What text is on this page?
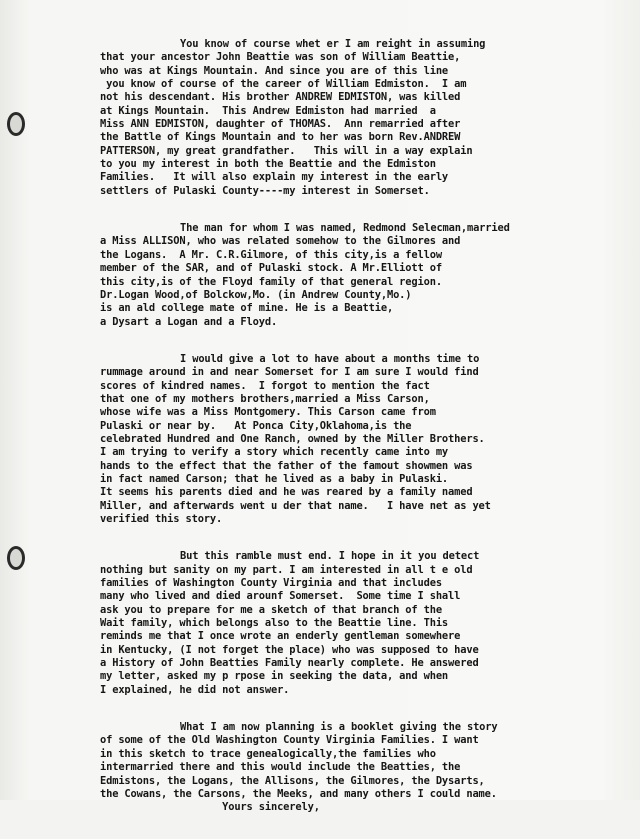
You know of course whet er I am reight in assuming
that your ancestor John Beattie was son of William Beattie,
who was at Kings Mountain. And since you are of this line
you know of course of the career of William Edmiston.  I am
not his descendant. His brother ANDREW EDMISTON, was killed
at Kings Mountain.  This Andrew Edmiston had married  a
Miss ANN EDMISTON, daughter of THOMAS.  Ann remarried after
the Battle of Kings Mountain and to her was born Rev.ANDREW
PATTERSON, my great grandfather.   This will in a way explain
to you my interest in both the Beattie and the Edmiston
Families.   It will also explain my interest in the early
settlers of Pulaski County----my interest in Somerset.
The man for whom I was named, Redmond Selecman,married
a Miss ALLISON, who was related somehow to the Gilmores and
the Logans.  A Mr. C.R.Gilmore, of this city,is a fellow
member of the SAR, and of Pulaski stock. A Mr.Elliott of
this city,is of the Floyd family of that general region.
Dr.Logan Wood,of Bolckow,Mo. (in Andrew County,Mo.)
is an ald college mate of mine. He is a Beattie,
a Dysart a Logan and a Floyd.
I would give a lot to have about a months time to
rummage around in and near Somerset for I am sure I would find
scores of kindred names.  I forgot to mention the fact
that one of my mothers brothers,married a Miss Carson,
whose wife was a Miss Montgomery. This Carson came from
Pulaski or near by.   At Ponca City,Oklahoma,is the
celebrated Hundred and One Ranch, owned by the Miller Brothers.
I am trying to verify a story which recently came into my
hands to the effect that the father of the famout showmen was
in fact named Carson; that he lived as a baby in Pulaski.
It seems his parents died and he was reared by a family named
Miller, and afterwards went u der that name.   I have net as yet
verified this story.
But this ramble must end. I hope in it you detect
nothing but sanity on my part. I am interested in all t e old
families of Washington County Virginia and that includes
many who lived and died arounf Somerset.  Some time I shall
ask you to prepare for me a sketch of that branch of the
Wait family, which belongs also to the Beattie line. This
reminds me that I once wrote an enderly gentleman somewhere
in Kentucky, (I not forget the place) who was supposed to have
a History of John Beatties Family nearly complete. He answered
my letter, asked my p rpose in seeking the data, and when
I explained, he did not answer.
What I am now planning is a booklet giving the story
of some of the Old Washington County Virginia Families. I want
in this sketch to trace genealogically,the families who
intermarried there and this would include the Beatties, the
Edmistons, the Logans, the Allisons, the Gilmores, the Dysarts,
the Cowans, the Carsons, the Meeks, and many others I could name.
Yours sincerely,
